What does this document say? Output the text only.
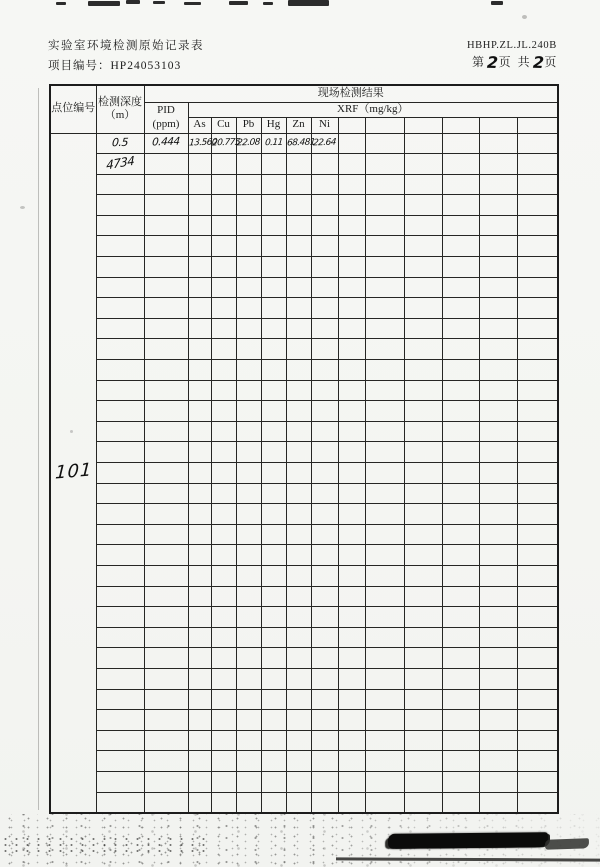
实验室环境检测原始记录表
项目编号：HP24053103
HBHP.ZL.JL.240B
第2页 共2页
点位编号	检测深度（m）	现场检测结果												

		PID
(ppm)	XRF（mg/kg）											
			As	Cu	Pb	Hg	Zn	Ni						
101	0.5	0.444	13.560	20.775	22.08	0.11	68.481	22.64						
	4734													
